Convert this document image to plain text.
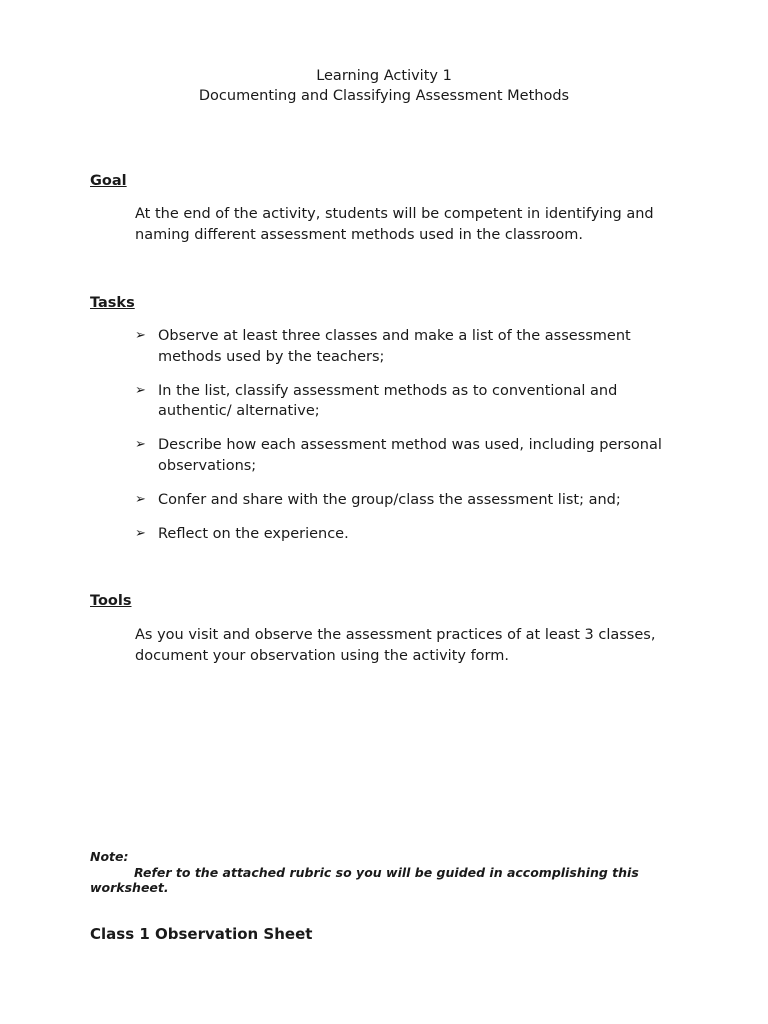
Learning Activity 1
Documenting and Classifying Assessment Methods
Goal
At the end of the activity, students will be competent in identifying and naming different assessment methods used in the classroom.
Tasks
➢ Observe at least three classes and make a list of the assessment methods used by the teachers;
➢ In the list, classify assessment methods as to conventional and authentic/ alternative;
➢ Describe how each assessment method was used, including personal observations;
➢ Confer and share with the group/class the assessment list; and;
➢ Reflect on the experience.
Tools
As you visit and observe the assessment practices of at least 3 classes, document your observation using the activity form.
Note:
Refer to the attached rubric so you will be guided in accomplishing this worksheet.
Class 1 Observation Sheet
